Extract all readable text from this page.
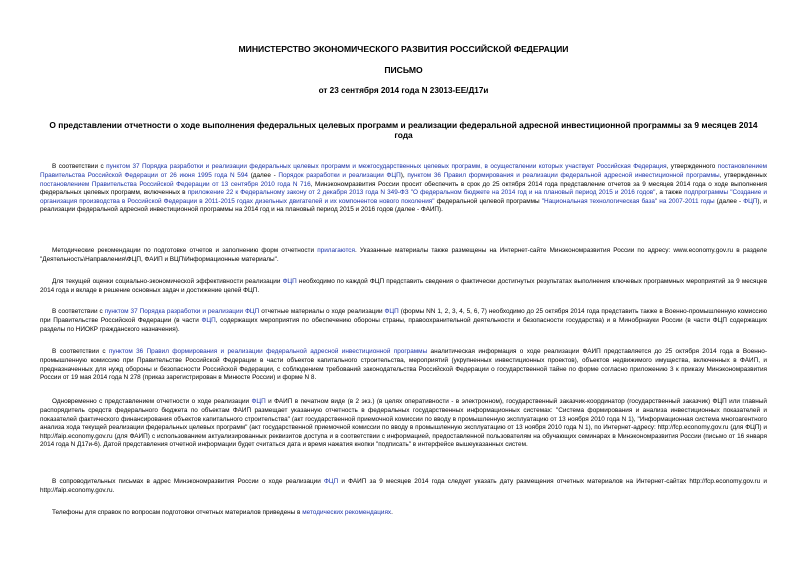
МИНИСТЕРСТВО ЭКОНОМИЧЕСКОГО РАЗВИТИЯ РОССИЙСКОЙ ФЕДЕРАЦИИ
ПИСЬМО
от 23 сентября 2014 года N 23013-ЕЕ/Д17и
О представлении отчетности о ходе выполнения федеральных целевых программ и реализации федеральной адресной инвестиционной программы за 9 месяцев 2014 года

В соответствии с пунктом 37 Порядка разработки и реализации федеральных целевых программ и межгосударственных целевых программ, в осуществлении которых участвует Российская Федерация, утвержденного постановлением Правительства Российской Федерации от 26 июня 1995 года N 594 (далее - Порядок разработки и реализации ФЦП), пунктом 36 Правил формирования и реализации федеральной адресной инвестиционной программы, утвержденных постановлением Правительства Российской Федерации от 13 сентября 2010 года N 716, Минэкономразвития России просит обеспечить в срок до 25 октября 2014 года представление отчетов за 9 месяцев 2014 года о ходе выполнения федеральных целевых программ, включенных в приложение 22 к Федеральному закону от 2 декабря 2013 года N 349-ФЗ "О федеральном бюджете на 2014 год и на плановый период 2015 и 2016 годов", а также подпрограммы "Создание и организация производства в Российской Федерации в 2011-2015 годах дизельных двигателей и их компонентов нового поколения" федеральной целевой программы "Национальная технологическая база" на 2007-2011 годы (далее - ФЦП), и реализации федеральной адресной инвестиционной программы на 2014 год и на плановый период 2015 и 2016 годов (далее - ФАИП).

Методические рекомендации по подготовке отчетов и заполнению форм отчетности прилагаются. Указанные материалы также размещены на Интернет-сайте Минэкономразвития России по адресу: www.economy.gov.ru в разделе "Деятельность\Направления\ФЦП, ФАИП и ВЦП\Информационные материалы".

Для текущей оценки социально-экономической эффективности реализации ФЦП необходимо по каждой ФЦП представить сведения о фактически достигнутых результатах выполнения ключевых программных мероприятий за 9 месяцев 2014 года и вкладе в решение основных задач и достижение целей ФЦП.

В соответствии с пунктом 37 Порядка разработки и реализации ФЦП отчетные материалы о ходе реализации ФЦП (формы NN 1, 2, 3, 4, 5, 6, 7) необходимо до 25 октября 2014 года представить также в Военно-промышленную комиссию при Правительстве Российской Федерации (в части ФЦП, содержащих мероприятия по обеспечению обороны страны, правоохранительной деятельности и безопасности государства) и в Минобрнауки России (в части ФЦП содержащих разделы по НИОКР гражданского назначения).

В соответствии с пунктом 36 Правил формирования и реализации федеральной адресной инвестиционной программы аналитическая информация о ходе реализации ФАИП представляется до 25 октября 2014 года в Военно-промышленную комиссию при Правительстве Российской Федерации в части объектов капитального строительства, мероприятий (укрупненных инвестиционных проектов), объектов недвижимого имущества, включенных в ФАИП, и предназначенных для нужд обороны и безопасности Российской Федерации, с соблюдением требований законодательства Российской Федерации о государственной тайне по форме согласно приложению 3 к приказу Минэкономразвития России от 19 мая 2014 года N 278 (приказ зарегистрирован в Минюсте России) и форме N 8.

Одновременно с представлением отчетности о ходе реализации ФЦП и ФАИП в печатном виде (в 2 экз.) (в целях оперативности - в электронном), государственный заказчик-координатор (государственный заказчик) ФЦП или главный распорядитель средств федерального бюджета по объектам ФАИП размещает указанную отчетность в федеральных государственных информационных системах: "Система формирования и анализа инвестиционных показателей и показателей фактического финансирования объектов капитального строительства" (акт государственной приемочной комиссии по вводу в промышленную эксплуатацию от 13 ноября 2010 года N 1), "Информационная система многоагентного анализа хода текущей реализации федеральных целевых программ" (акт государственной приемочной комиссии по вводу в промышленную эксплуатацию от 13 ноября 2010 года N 1), по Интернет-адресу: http://fcp.economy.gov.ru (для ФЦП) и http://faip.economy.gov.ru (для ФАИП) с использованием актуализированных реквизитов доступа и в соответствии с информацией, предоставленной пользователям на обучающих семинарах в Минэкономразвития России (письмо от 16 января 2014 года N Д17и-6). Датой представления отчетной информации будет считаться дата и время нажатия кнопки "подписать" в интерфейсе вышеуказанных систем.

В сопроводительных письмах в адрес Минэкономразвития России о ходе реализации ФЦП и ФАИП за 9 месяцев 2014 года следует указать дату размещения отчетных материалов на Интернет-сайтах http://fcp.economy.gov.ru и http://faip.economy.gov.ru.

Телефоны для справок по вопросам подготовки отчетных материалов приведены в методических рекомендациях.
